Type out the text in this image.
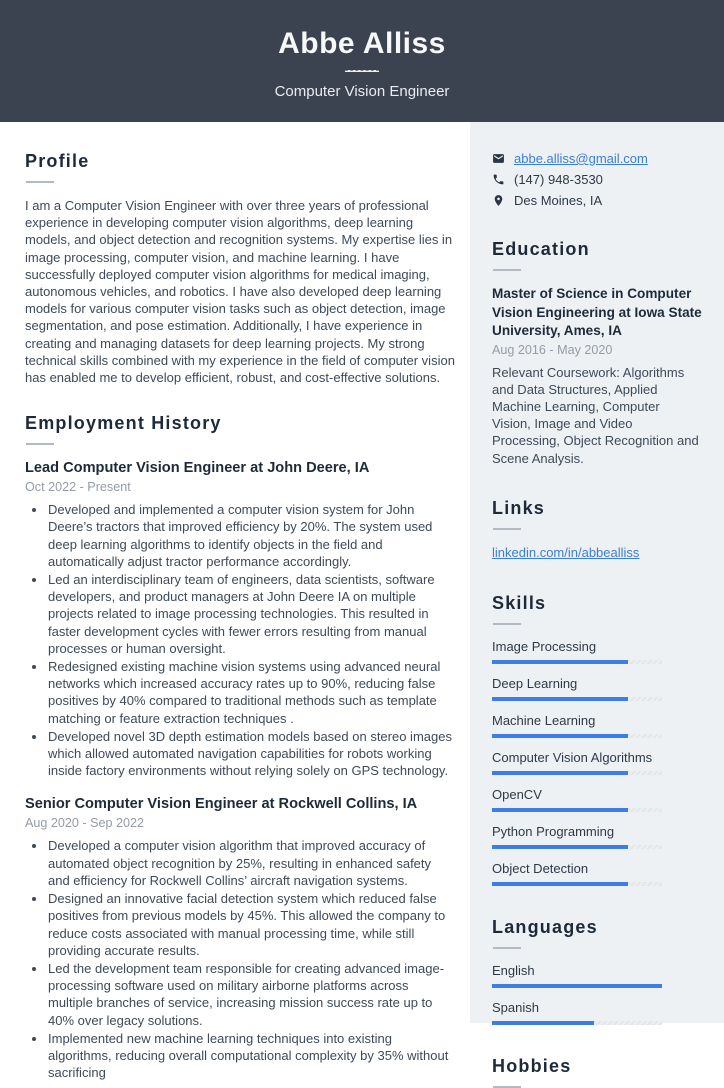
Abbe Alliss
Computer Vision Engineer
Profile

I am a Computer Vision Engineer with over three years of professional experience in developing computer vision algorithms, deep learning models, and object detection and recognition systems. My expertise lies in image processing, computer vision, and machine learning. I have successfully deployed computer vision algorithms for medical imaging, autonomous vehicles, and robotics. I have also developed deep learning models for various computer vision tasks such as object detection, image segmentation, and pose estimation. Additionally, I have experience in creating and managing datasets for deep learning projects. My strong technical skills combined with my experience in the field of computer vision has enabled me to develop efficient, robust, and cost-effective solutions.

Employment History
Lead Computer Vision Engineer at John Deere, IA
Oct 2022 - Present
• Developed and implemented a computer vision system for John Deere’s tractors that improved efficiency by 20%. The system used deep learning algorithms to identify objects in the field and automatically adjust tractor performance accordingly.
• Led an interdisciplinary team of engineers, data scientists, software developers, and product managers at John Deere IA on multiple projects related to image processing technologies. This resulted in faster development cycles with fewer errors resulting from manual processes or human oversight.
• Redesigned existing machine vision systems using advanced neural networks which increased accuracy rates up to 90%, reducing false positives by 40% compared to traditional methods such as template matching or feature extraction techniques .
• Developed novel 3D depth estimation models based on stereo images which allowed automated navigation capabilities for robots working inside factory environments without relying solely on GPS technology.
Senior Computer Vision Engineer at Rockwell Collins, IA
Aug 2020 - Sep 2022
• Developed a computer vision algorithm that improved accuracy of automated object recognition by 25%, resulting in enhanced safety and efficiency for Rockwell Collins’ aircraft navigation systems.
• Designed an innovative facial detection system which reduced false positives from previous models by 45%. This allowed the company to reduce costs associated with manual processing time, while still providing accurate results.
• Led the development team responsible for creating advanced image-processing software used on military airborne platforms across multiple branches of service, increasing mission success rate up to 40% over legacy solutions.
• Implemented new machine learning techniques into existing algorithms, reducing overall computational complexity by 35% without sacrificing
abbe.alliss@gmail.com
(147) 948-3530
Des Moines, IA
Education
Master of Science in Computer Vision Engineering at Iowa State University, Ames, IA
Aug 2016 - May 2020
Relevant Coursework: Algorithms and Data Structures, Applied Machine Learning, Computer Vision, Image and Video Processing, Object Recognition and Scene Analysis.
Links
linkedin.com/in/abbealliss
Skills
Image Processing
Deep Learning
Machine Learning
Computer Vision Algorithms
OpenCV
Python Programming
Object Detection
Languages
English
Spanish
Hobbies
